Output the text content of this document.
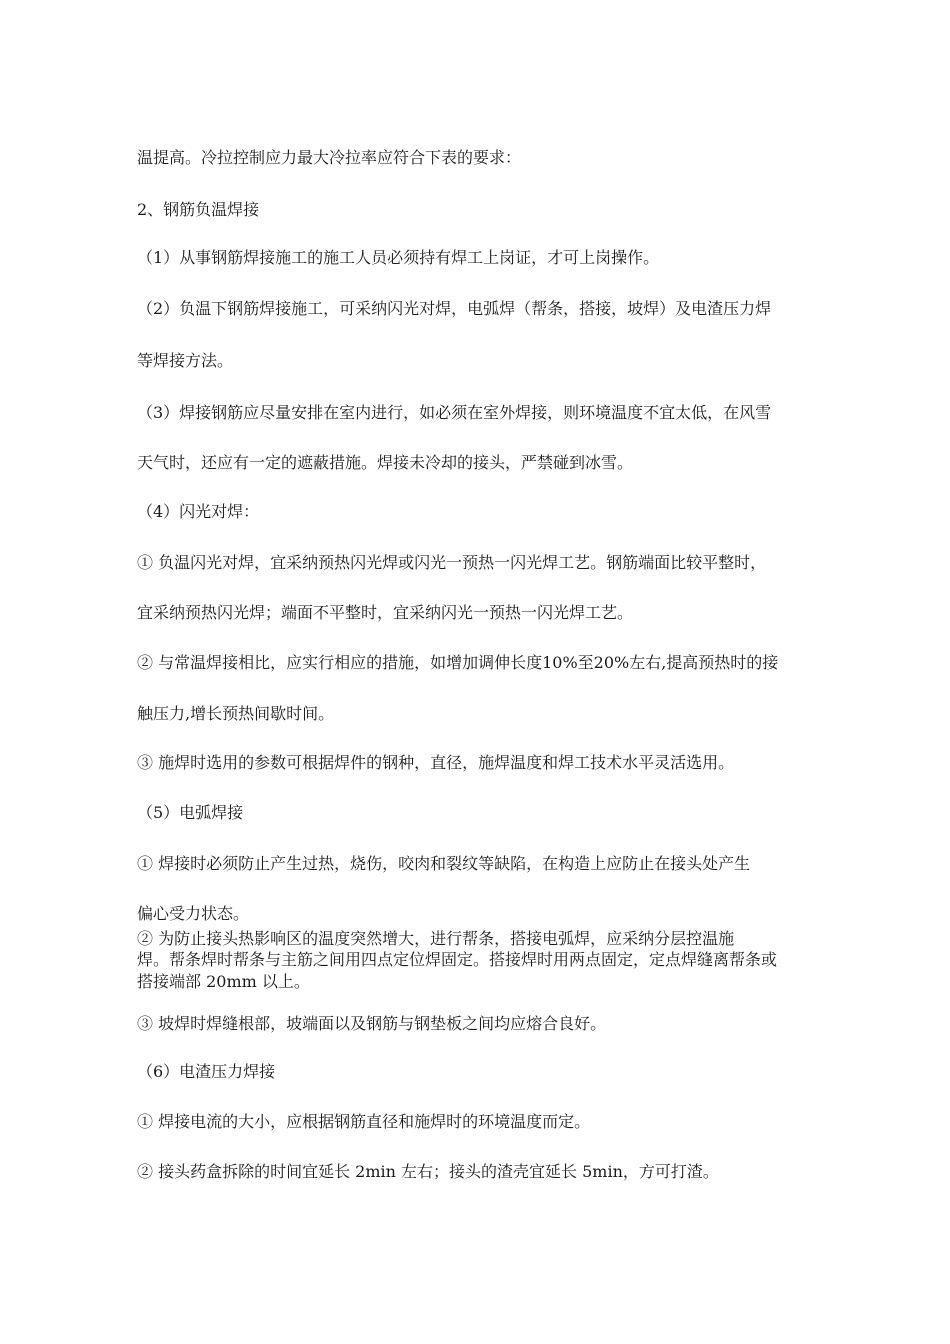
温提高。冷拉控制应力最大冷拉率应符合下表的要求：
2、钢筋负温焊接
（1）从事钢筋焊接施工的施工人员必须持有焊工上岗证，才可上岗操作。
（2）负温下钢筋焊接施工，可采纳闪光对焊，电弧焊（帮条，搭接，坡焊）及电渣压力焊
等焊接方法。
（3）焊接钢筋应尽量安排在室内进行，如必须在室外焊接，则环境温度不宜太低，在风雪
天气时，还应有一定的遮蔽措施。焊接未冷却的接头，严禁碰到冰雪。
（4）闪光对焊：
① 负温闪光对焊，宜采纳预热闪光焊或闪光一预热一闪光焊工艺。钢筋端面比较平整时，
宜采纳预热闪光焊；端面不平整时，宜采纳闪光一预热一闪光焊工艺。
② 与常温焊接相比，应实行相应的措施，如增加调伸长度10%至20%左右,提高预热时的接
触压力,增长预热间歇时间。
③ 施焊时选用的参数可根据焊件的钢种，直径，施焊温度和焊工技术水平灵活选用。
（5）电弧焊接
① 焊接时必须防止产生过热，烧伤，咬肉和裂纹等缺陷，在构造上应防止在接头处产生
偏心受力状态。
② 为防止接头热影响区的温度突然增大，进行帮条，搭接电弧焊，应采纳分层控温施
焊。帮条焊时帮条与主筋之间用四点定位焊固定。搭接焊时用两点固定，定点焊缝离帮条或
搭接端部 20mm 以上。
③ 坡焊时焊缝根部，坡端面以及钢筋与钢垫板之间均应熔合良好。
（6）电渣压力焊接
① 焊接电流的大小，应根据钢筋直径和施焊时的环境温度而定。
② 接头药盒拆除的时间宜延长 2min 左右；接头的渣壳宜延长 5min，方可打渣。
